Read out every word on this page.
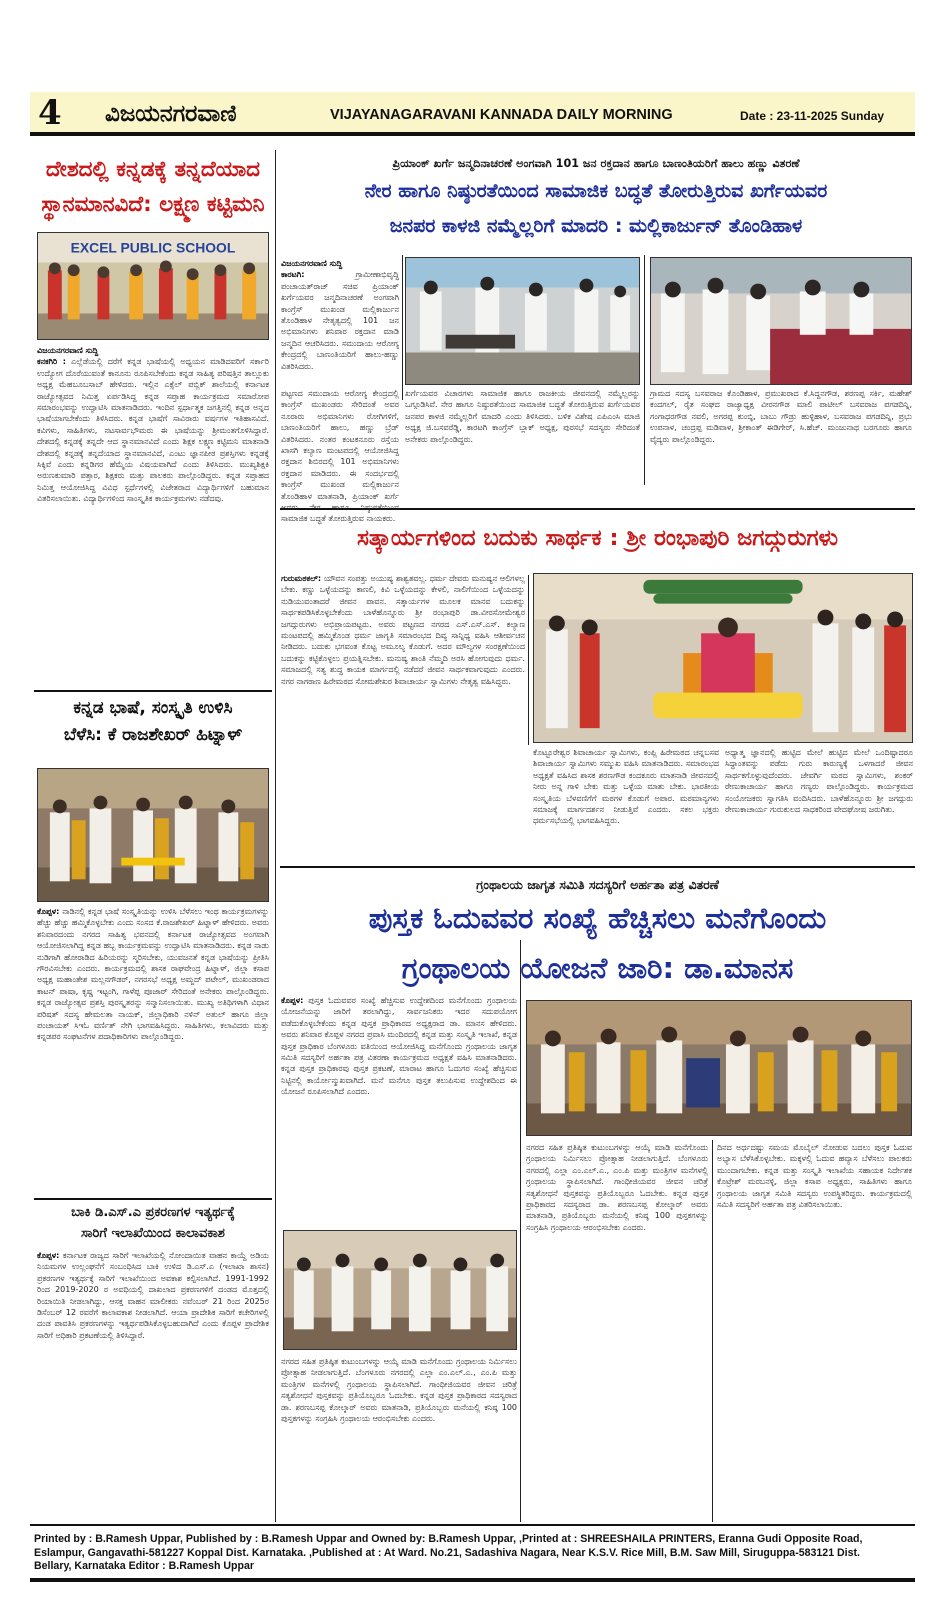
4 ವಿಜಯನಗರವಾಣಿ	VIJAYANAGARAVANI KANNADA DAILY MORNING	Date : 23-11-2025 Sunday
ದೇಶದಲ್ಲಿ ಕನ್ನಡಕ್ಕೆ ತನ್ನದೆಯಾದ
ಸ್ಥಾನಮಾನವಿದೆ: ಲಕ್ಷ್ಮಣ ಕಟ್ಟಿಮನಿ
EXCEL PUBLIC SCHOOL
ವಿಜಯನಗರವಾಣಿ ಸುದ್ದಿ
ಕನಕಗಿರಿ : ಎಲ್ಲೆಡೆಯಲ್ಲಿ ದರೆಗೆ ಕನ್ನಡ ಭಾಷೆಯಲ್ಲಿ ಅಧ್ಯಯನ ಮಾಡಿದವರಿಗೆ ಸರ್ಕಾರಿ ಉದ್ಯೋಗ ದೊರೆಯುವಂತೆ ಕಾನೂನು ರೂಪಿಸಬೇಕೆಂದು ಕನ್ನಡ ಸಾಹಿತ್ಯ ಪರಿಷತ್ತಿನ ತಾಲ್ಲೂಕು ಅಧ್ಯಕ್ಷ ಮೆಹಬೂಬಸಾಬ್ ಹೇಳಿದರು. ಇಲ್ಲಿನ ಎಕ್ಸೆಲ್ ಪಬ್ಲಿಕ್ ಶಾಲೆಯಲ್ಲಿ ಕರ್ನಾಟಕ ರಾಜ್ಯೋತ್ಸವದ ನಿಮಿತ್ತ ಏರ್ಪಡಿಸಿದ್ದ ಕನ್ನಡ ಸಪ್ತಾಹ ಕಾರ್ಯಕ್ರಮದ ಸಮಾರೋಪ ಸಮಾರಂಭವನ್ನು ಉದ್ಘಾಟಿಸಿ ಮಾತನಾಡಿದರು. ಇಂದಿನ ಸ್ಪರ್ಧಾತ್ಮಕ ಜಗತ್ತಿನಲ್ಲಿ ಕನ್ನಡ ಅನ್ನದ ಭಾಷೆಯಾಗಬೇಕೆಂದು ತಿಳಿಸಿದರು. ಕನ್ನಡ ಭಾಷೆಗೆ ಸಾವಿರಾರು ವರ್ಷಗಳ ಇತಿಹಾಸವಿದೆ. ಕವಿಗಳು, ಸಾಹಿತಿಗಳು, ನಟಸಾರ್ವಭೌಮರು ಈ ಭಾಷೆಯನ್ನು ಶ್ರೀಮಂತಗೊಳಿಸಿದ್ದಾರೆ. ದೇಶದಲ್ಲಿ ಕನ್ನಡಕ್ಕೆ ತನ್ನದೇ ಆದ ಸ್ಥಾನಮಾನವಿದೆ ಎಂದು ಶಿಕ್ಷಕ ಲಕ್ಷ್ಮಣ ಕಟ್ಟಿಮನಿ ಮಾತನಾಡಿ ದೇಶದಲ್ಲಿ ಕನ್ನಡಕ್ಕೆ ತನ್ನದೆಯಾದ ಸ್ಥಾನಮಾನವಿದೆ, ಎಂಟು ಜ್ಞಾನಪೀಠ ಪ್ರಶಸ್ತಿಗಳು ಕನ್ನಡಕ್ಕೆ ಸಿಕ್ಕಿವೆ ಎಂದು ಕನ್ನಡಿಗರ ಹೆಮ್ಮೆಯ ವಿಷಯವಾಗಿದೆ ಎಂದು ತಿಳಿಸಿದರು. ಮುಖ್ಯಶಿಕ್ಷಕಿ ಅರುಣಕುಮಾರಿ ಪತ್ತಾರ, ಶಿಕ್ಷಕರು ಮತ್ತು ಪಾಲಕರು ಪಾಲ್ಗೊಂಡಿದ್ದರು. ಕನ್ನಡ ಸಪ್ತಾಹದ ನಿಮಿತ್ತ ಆಯೋಜಿಸಿದ್ದ ವಿವಿಧ ಸ್ಪರ್ಧೆಗಳಲ್ಲಿ ವಿಜೇತರಾದ ವಿದ್ಯಾರ್ಥಿಗಳಿಗೆ ಬಹುಮಾನ ವಿತರಿಸಲಾಯಿತು. ವಿದ್ಯಾರ್ಥಿಗಳಿಂದ ಸಾಂಸ್ಕೃತಿಕ ಕಾರ್ಯಕ್ರಮಗಳು ನಡೆದವು.
ಕನ್ನಡ ಭಾಷೆ, ಸಂಸ್ಕೃತಿ ಉಳಿಸಿ
ಬೆಳೆಸಿ: ಕೆ ರಾಜಶೇಖರ್ ಹಿಟ್ನಾಳ್
ಕೊಪ್ಪಳ: ನಾಡಿನಲ್ಲಿ ಕನ್ನಡ ಭಾಷೆ ಸಂಸ್ಕೃತಿಯನ್ನು ಉಳಿಸಿ ಬೆಳೆಸಲು ಇಂಥ ಕಾರ್ಯಕ್ರಮಗಳನ್ನು ಹೆಚ್ಚು ಹೆಚ್ಚು ಹಮ್ಮಿಕೊಳ್ಳಬೇಕು ಎಂದು ಸಂಸದ ಕೆ.ರಾಜಶೇಖರ್ ಹಿಟ್ನಾಳ್ ಹೇಳಿದರು. ಅವರು ಶನಿವಾರದಂದು ನಗರದ ಸಾಹಿತ್ಯ ಭವನದಲ್ಲಿ ಕರ್ನಾಟಕ ರಾಜ್ಯೋತ್ಸವದ ಅಂಗವಾಗಿ ಆಯೋಜಿಸಲಾಗಿದ್ದ ಕನ್ನಡ ಹಬ್ಬ ಕಾರ್ಯಕ್ರಮವನ್ನು ಉದ್ಘಾಟಿಸಿ ಮಾತನಾಡಿದರು. ಕನ್ನಡ ನಾಡು ನುಡಿಗಾಗಿ ಹೋರಾಡಿದ ಹಿರಿಯರನ್ನು ಸ್ಮರಿಸಬೇಕು, ಯುವಜನತೆ ಕನ್ನಡ ಭಾಷೆಯನ್ನು ಪ್ರೀತಿಸಿ ಗೌರವಿಸಬೇಕು ಎಂದರು. ಕಾರ್ಯಕ್ರಮದಲ್ಲಿ ಶಾಸಕ ರಾಘವೇಂದ್ರ ಹಿಟ್ನಾಳ್, ಜಿಲ್ಲಾ ಕಸಾಪ ಅಧ್ಯಕ್ಷ ಮಹಾಂತೇಶ ಮಲ್ಲನಗೌಡರ್, ನಗರಸಭೆ ಅಧ್ಯಕ್ಷ ಅಮ್ಜದ್ ಪಟೇಲ್, ಮುಖಂಡರಾದ ಕಾಟನ್ ಪಾಷಾ, ಕೃಷ್ಣ ಇಟ್ಟಂಗಿ, ಗಾಳೆಪ್ಪ ಪೂಜಾರ್ ಸೇರಿದಂತೆ ಅನೇಕರು ಪಾಲ್ಗೊಂಡಿದ್ದರು. ಕನ್ನಡ ರಾಜ್ಯೋತ್ಸವ ಪ್ರಶಸ್ತಿ ಪುರಸ್ಕೃತರನ್ನು ಸನ್ಮಾನಿಸಲಾಯಿತು. ಮುಖ್ಯ ಅತಿಥಿಗಳಾಗಿ ವಿಧಾನ ಪರಿಷತ್ ಸದಸ್ಯ ಹೇಮಲತಾ ನಾಯಕ್, ಜಿಲ್ಲಾಧಿಕಾರಿ ನಳಿನ್ ಅತುಲ್ ಹಾಗೂ ಜಿಲ್ಲಾ ಪಂಚಾಯತ್ ಸಿಇಓ ವರ್ಣಿತ್ ನೇಗಿ ಭಾಗವಹಿಸಿದ್ದರು. ಸಾಹಿತಿಗಳು, ಕಲಾವಿದರು ಮತ್ತು ಕನ್ನಡಪರ ಸಂಘಟನೆಗಳ ಪದಾಧಿಕಾರಿಗಳು ಪಾಲ್ಗೊಂಡಿದ್ದರು.
ಬಾಕಿ ಡಿ.ಎಸ್.ಎ ಪ್ರಕರಣಗಳ ಇತ್ಯರ್ಥಕ್ಕೆ
ಸಾರಿಗೆ ಇಲಾಖೆಯಿಂದ ಕಾಲಾವಕಾಶ
ಕೊಪ್ಪಳ: ಕರ್ನಾಟಕ ರಾಜ್ಯದ ಸಾರಿಗೆ ಇಲಾಖೆಯಲ್ಲಿ ನೋಂದಾಯಿತ ವಾಹನ ಕಾಯ್ದೆ ಅಡಿಯ ನಿಯಮಗಳ ಉಲ್ಲಂಘನೆಗೆ ಸಂಬಂಧಿಸಿದ ಬಾಕಿ ಉಳಿದ ಡಿ.ಎಸ್.ಎ (ಇಲಾಖಾ ಶಾಸನ) ಪ್ರಕರಣಗಳ ಇತ್ಯರ್ಥಕ್ಕೆ ಸಾರಿಗೆ ಇಲಾಖೆಯಿಂದ ಅವಕಾಶ ಕಲ್ಪಿಸಲಾಗಿದೆ. 1991-1992 ರಿಂದ 2019-2020 ರ ಅವಧಿಯಲ್ಲಿ ದಾಖಲಾದ ಪ್ರಕರಣಗಳಿಗೆ ದಂಡದ ಮೊತ್ತದಲ್ಲಿ ರಿಯಾಯಿತಿ ನೀಡಲಾಗಿದ್ದು, ಆಸಕ್ತ ವಾಹನ ಮಾಲೀಕರು ನವೆಂಬರ್ 21 ರಿಂದ 2025ರ ಡಿಸೆಂಬರ್ 12 ರವರೆಗೆ ಕಾಲಾವಕಾಶ ನೀಡಲಾಗಿದೆ. ಆಯಾ ಪ್ರಾದೇಶಿಕ ಸಾರಿಗೆ ಕಚೇರಿಗಳಲ್ಲಿ ದಂಡ ಪಾವತಿಸಿ ಪ್ರಕರಣಗಳನ್ನು ಇತ್ಯರ್ಥಪಡಿಸಿಕೊಳ್ಳಬಹುದಾಗಿದೆ ಎಂದು ಕೊಪ್ಪಳ ಪ್ರಾದೇಶಿಕ ಸಾರಿಗೆ ಅಧಿಕಾರಿ ಪ್ರಕಟಣೆಯಲ್ಲಿ ತಿಳಿಸಿದ್ದಾರೆ.
ಪ್ರಿಯಾಂಕ್ ಖರ್ಗೆ ಜನ್ಮದಿನಾಚರಣೆ ಅಂಗವಾಗಿ 101 ಜನ ರಕ್ತದಾನ ಹಾಗೂ ಬಾಣಂತಿಯರಿಗೆ ಹಾಲು ಹಣ್ಣು ವಿತರಣೆ
ನೇರ ಹಾಗೂ ನಿಷ್ಠುರತೆಯಿಂದ ಸಾಮಾಜಿಕ ಬದ್ಧತೆ ತೋರುತ್ತಿರುವ ಖರ್ಗೆಯವರ
ಜನಪರ ಕಾಳಜಿ ನಮ್ಮೆಲ್ಲರಿಗೆ ಮಾದರಿ : ಮಲ್ಲಿಕಾರ್ಜುನ್ ತೊಂಡಿಹಾಳ
ವಿಜಯನಗರವಾಣಿ ಸುದ್ದಿ
ಕಾರಟಗಿ:	ಗ್ರಾಮೀಣಾಭಿವೃದ್ಧಿ ಪಂಚಾಯತ್‌ರಾಜ್ ಸಚಿವ ಪ್ರಿಯಾಂಕ್ ಖರ್ಗೆಯವರ ಜನ್ಮದಿನಾಚರಣೆ ಅಂಗವಾಗಿ ಕಾಂಗ್ರೆಸ್ ಮುಖಂಡ ಮಲ್ಲಿಕಾರ್ಜುನ ತೊಂಡಿಹಾಳ ನೇತೃತ್ವದಲ್ಲಿ 101 ಜನ ಅಭಿಮಾನಿಗಳು ಶನಿವಾರ ರಕ್ತದಾನ ಮಾಡಿ ಜನ್ಮದಿನ ಆಚರಿಸಿದರು. ಸಮುದಾಯ ಆರೋಗ್ಯ ಕೇಂದ್ರದಲ್ಲಿ ಬಾಣಂತಿಯರಿಗೆ ಹಾಲು-ಹಣ್ಣು ವಿತರಿಸಿದರು.
ಪಟ್ಟಣದ ಸಮುದಾಯ ಆರೋಗ್ಯ ಕೇಂದ್ರದಲ್ಲಿ ಕಾಂಗ್ರೆಸ್ ಮುಖಂಡರು ಸೇರಿದಂತೆ ಅವರ ನೂರಾರು ಅಭಿಮಾನಿಗಳು ರೋಗಿಗಳಿಗೆ, ಬಾಣಂತಿಯರಿಗೆ ಹಾಲು, ಹಣ್ಣು ಬ್ರೆಡ್ ವಿತರಿಸಿದರು. ನಂತರ ಕಂಟಕನೂರು ರಸ್ತೆಯ ಖಾಸಗಿ ಕಲ್ಯಾಣ ಮಂಟಪದಲ್ಲಿ ಆಯೋಜಿಸಿದ್ದ ರಕ್ತದಾನ ಶಿಬಿರದಲ್ಲಿ 101 ಅಭಿಮಾನಿಗಳು ರಕ್ತದಾನ ಮಾಡಿದರು. ಈ ಸಂದರ್ಭದಲ್ಲಿ ಕಾಂಗ್ರೆಸ್ ಮುಖಂಡ ಮಲ್ಲಿಕಾರ್ಜುನ ತೊಂಡಿಹಾಳ ಮಾತನಾಡಿ, ಪ್ರಿಯಾಂಕ್ ಖರ್ಗೆ ಅವರು ನೇರ ಹಾಗೂ ನಿಷ್ಠುರತೆಯಿಂದ ಸಾಮಾಜಿಕ ಬದ್ಧತೆ ತೋರುತ್ತಿರುವ ನಾಯಕರು.
ಖರ್ಗೆಯವರ ವಿಚಾರಗಳು ಸಾಮಾಜಿಕ ಹಾಗೂ ರಾಜಕೀಯ ಜೀವನದಲ್ಲಿ ನಮ್ಮೆಲ್ಲರನ್ನು ಒಗ್ಗೂಡಿಸಿವೆ. ನೇರ ಹಾಗೂ ನಿಷ್ಠುರತೆಯಿಂದ ಸಾಮಾಜಿಕ ಬದ್ಧತೆ ತೋರುತ್ತಿರುವ ಖರ್ಗೆಯವರ ಜನಪರ ಕಾಳಜಿ ನಮ್ಮೆಲ್ಲರಿಗೆ ಮಾದರಿ ಎಂದು ತಿಳಿಸಿದರು. ಬಳಿಕ ವಿಶೇಷ ಎಪಿಎಂಸಿ ಮಾಜಿ ಅಧ್ಯಕ್ಷ ಜಿ.ಬಸವರೆಡ್ಡಿ, ಕಾರಟಗಿ ಕಾಂಗ್ರೆಸ್ ಬ್ಲಾಕ್ ಅಧ್ಯಕ್ಷ, ಪುರಸಭೆ ಸದಸ್ಯರು ಸೇರಿದಂತೆ ಅನೇಕರು ಪಾಲ್ಗೊಂಡಿದ್ದರು.
ಗ್ರಾಮದ ಸದಸ್ಯ ಬಸವರಾಜ ಕೊಂಡಿಹಾಳ, ಪ್ರಮುಖರಾದ ಕೆ.ಸಿದ್ದನಗೌಡ, ಶರಣಪ್ಪ ಸರ್ಕಿ, ಮಹೇಶ್ ಕಂದಗಲ್, ರೈತ ಸಂಘದ ರಾಜ್ಯಾಧ್ಯಕ್ಷ ವೀರನಗೌಡ ಮಾಲಿ ಪಾಟೀಲ್ ಬಸವರಾಜ ಪಗಡದಿನ್ನಿ, ಗಂಗಾಧರಗೌಡ ನವಲಿ, ಅಗರಪ್ಪ ಕುಂಬ್ಳಿ, ಬಾಬು ಗೌಡ್ರು ಹುಳ್ಳಿಹಾಳ, ಬಸವರಾಜ ಪಗಡದಿನ್ನಿ, ಪ್ರಭು ಉಪನಾಳ, ಚಂದ್ರಪ್ಪ ಮಡಿವಾಳ, ಶ್ರೀಕಾಂತ್ ಈಡಿಗೇರ್, ಸಿ.ಹೆಚ್. ಮಂಜುನಾಥ ಬರಗೂರು ಹಾಗೂ ವೈದ್ಯರು ಪಾಲ್ಗೊಂಡಿದ್ದರು.
ಸತ್ಕಾರ್ಯಗಳಿಂದ ಬದುಕು ಸಾರ್ಥಕ : ಶ್ರೀ ರಂಭಾಪುರಿ ಜಗದ್ಗುರುಗಳು
ಗುರುಮಠಕಲ್: ಯೌವನ ಸಂಪತ್ತು ಅಯುಷ್ಯ ಶಾಶ್ವತವಲ್ಲ. ಧರ್ಮ ದೇವರು ಮನುಷ್ಯನ ಆಲಿಗಳಲ್ಲ ಬೇಕು. ಕಣ್ಣು ಒಳ್ಳೆಯದನ್ನು ಕಾಣಲಿ, ಕಿವಿ ಒಳ್ಳೆಯದನ್ನು ಕೇಳಲಿ, ನಾಲಿಗೆಯಿಂದ ಒಳ್ಳೆಯದನ್ನು ನುಡಿಯುವಂತಾದರೆ ಜೀವನ ಪಾವನ. ಸತ್ಕಾರ್ಯಗಳ ಮೂಲಕ ಮಾನವ ಬದುಕನ್ನು ಸಾರ್ಥಕಪಡಿಸಿಕೊಳ್ಳಬೇಕೆಂದು ಬಾಳೆಹೊನ್ನೂರು ಶ್ರೀ ರಂಭಾಪುರಿ ಡಾ.ವೀರಸೋಮೇಶ್ವರ ಜಗದ್ಗುರುಗಳು ಅಭಿಪ್ರಾಯಪಟ್ಟರು. ಅವರು ಪಟ್ಟಣದ ನಗರದ ಎಸ್.ಎಸ್.ಎಸ್. ಕಲ್ಯಾಣ ಮಂಟಪದಲ್ಲಿ ಹಮ್ಮಿಕೊಂಡ ಧರ್ಮ ಜಾಗೃತಿ ಸಮಾರಂಭದ ದಿವ್ಯ ಸಾನ್ನಿಧ್ಯ ವಹಿಸಿ ಆಶೀರ್ವಚನ ನೀಡಿದರು. ಬದುಕು ಭಗವಂತ ಕೊಟ್ಟ ಅಮೂಲ್ಯ ಕೊಡುಗೆ. ಅದರ ಮೌಲ್ಯಗಳ ಸಂರಕ್ಷಣೆಯಿಂದ ಬದುಕನ್ನು ಕಟ್ಟಿಕೊಳ್ಳಲು ಪ್ರಯತ್ನಿಸಬೇಕು. ಮನುಷ್ಯ ಶಾಂತಿ ನೆಮ್ಮದಿ ಅರಸಿ ಹೋಗುವುದು ಧರ್ಮ. ಸಮಾಜದಲ್ಲಿ ಸತ್ಯ ಶುದ್ಧ ಕಾಯಕ ಮಾರ್ಗದಲ್ಲಿ ನಡೆದರೆ ಜೀವನ ಸಾರ್ಥಕವಾಗುವುದು ಎಂದರು. ನಗರ ನಾಗಠಾಣ ಹಿರೇಮಠದ ಸೋಮಶೇಖರ ಶಿವಾಚಾರ್ಯ ಸ್ವಾಮಿಗಳು ನೇತೃತ್ವ ವಹಿಸಿದ್ದರು.
ಕೊಟ್ಟೂರೇಶ್ವರ ಶಿವಾಚಾರ್ಯ ಸ್ವಾಮಿಗಳು, ಕಂಪ್ಲಿ ಹಿರೇಮಠದ ಚನ್ನಬಸವ ಶಿವಾಚಾರ್ಯ ಸ್ವಾಮಿಗಳು ಸಮ್ಮುಖ ವಹಿಸಿ ಮಾತನಾಡಿದರು. ಸಮಾರಂಭದ ಅಧ್ಯಕ್ಷತೆ ವಹಿಸಿದ ಶಾಸಕ ಶರಣಗೌಡ ಕಂದಕೂರು ಮಾತನಾಡಿ ಜೀವನದಲ್ಲಿ ನೀರು ಅನ್ನ ಗಾಳಿ ಬೇಕು ಮತ್ತು ಒಳ್ಳೆಯ ಮಾತು ಬೇಕು. ಭಾರತೀಯ ಸಂಸ್ಕೃತಿಯ ಬೆಳವಣಿಗೆಗೆ ಮಠಗಳ ಕೊಡುಗೆ ಅಪಾರ. ಮಠಮಾನ್ಯಗಳು ಸಮಾಜಕ್ಕೆ ಮಾರ್ಗದರ್ಶನ ನೀಡುತ್ತಿವೆ ಎಂದರು. ಸಕಲ ಭಕ್ತರು ಧರ್ಮಸಭೆಯಲ್ಲಿ ಭಾಗವಹಿಸಿದ್ದರು.
ಅಧ್ಯಾತ್ಮ ಜ್ಞಾನದಲ್ಲಿ ಹುಟ್ಟಿದ ಮೇಲೆ ಹುಟ್ಟಿದ ಮೇಲೆ ಒಂದಿಷ್ಟಾದರೂ ಸಿದ್ಧಾಂತವನ್ನು ಪಡೆದು ಗುರು ಕಾರುಣ್ಯಕ್ಕೆ ಒಳಗಾದರೆ ಜೀವನ ಸಾರ್ಥಕಗೊಳ್ಳುವುದೆಂದರು. ಜೇವರ್ಗಿ ಮಠದ ಸ್ವಾಮಿಗಳು, ಶಂಕರ್ ರೇಣುಕಾಚಾರ್ಯ ಹಾಗೂ ಗಣ್ಯರು ಪಾಲ್ಗೊಂಡಿದ್ದರು. ಕಾರ್ಯಕ್ರಮದ ಸಂಯೋಜಕರು ಸ್ವಾಗತಿಸಿ ವಂದಿಸಿದರು. ಬಾಳೆಹೊನ್ನೂರು ಶ್ರೀ ಜಗದ್ಗುರು ರೇಣುಕಾಚಾರ್ಯ ಗುರುಕುಲದ ಸಾಧಕರಿಂದ ವೇದಘೋಷ ಜರುಗಿತು.
ಗ್ರಂಥಾಲಯ ಜಾಗೃತ ಸಮಿತಿ ಸದಸ್ಯರಿಗೆ ಅರ್ಹತಾ ಪತ್ರ ವಿತರಣೆ
ಪುಸ್ತಕ ಓದುವವರ ಸಂಖ್ಯೆ ಹೆಚ್ಚಿಸಲು ಮನೆಗೊಂದು
ಗ್ರಂಥಾಲಯ ಯೋಜನೆ ಜಾರಿ: ಡಾ.ಮಾನಸ
ಕೊಪ್ಪಳ: ಪುಸ್ತಕ ಓದುವವರ ಸಂಖ್ಯೆ ಹೆಚ್ಚಿಸುವ ಉದ್ದೇಶದಿಂದ ಮನೆಗೊಂದು ಗ್ರಂಥಾಲಯ ಯೋಜನೆಯನ್ನು ಜಾರಿಗೆ ತರಲಾಗಿದ್ದು, ಸಾರ್ವಜನಿಕರು ಇದರ ಸದುಪಯೋಗ ಪಡೆದುಕೊಳ್ಳಬೇಕೆಂದು ಕನ್ನಡ ಪುಸ್ತಕ ಪ್ರಾಧಿಕಾರದ ಅಧ್ಯಕ್ಷರಾದ ಡಾ. ಮಾನಸ ಹೇಳಿದರು. ಅವರು ಶನಿವಾರ ಕೊಪ್ಪಳ ನಗರದ ಪ್ರವಾಸಿ ಮಂದಿರದಲ್ಲಿ ಕನ್ನಡ ಮತ್ತು ಸಂಸ್ಕೃತಿ ಇಲಾಖೆ, ಕನ್ನಡ ಪುಸ್ತಕ ಪ್ರಾಧಿಕಾರ ಬೆಂಗಳೂರು ವತಿಯಿಂದ ಆಯೋಜಿಸಿದ್ದ ಮನೆಗೊಂದು ಗ್ರಂಥಾಲಯ ಜಾಗೃತ ಸಮಿತಿ ಸದಸ್ಯರಿಗೆ ಅರ್ಹತಾ ಪತ್ರ ವಿತರಣಾ ಕಾರ್ಯಕ್ರಮದ ಅಧ್ಯಕ್ಷತೆ ವಹಿಸಿ ಮಾತನಾಡಿದರು. ಕನ್ನಡ ಪುಸ್ತಕ ಪ್ರಾಧಿಕಾರವು ಪುಸ್ತಕ ಪ್ರಕಟಣೆ, ಮಾರಾಟ ಹಾಗೂ ಓದುಗರ ಸಂಖ್ಯೆ ಹೆಚ್ಚಿಸುವ ನಿಟ್ಟಿನಲ್ಲಿ ಕಾರ್ಯೋನ್ಮುಖವಾಗಿದೆ. ಮನೆ ಮನೆಗೂ ಪುಸ್ತಕ ತಲುಪಿಸುವ ಉದ್ದೇಶದಿಂದ ಈ ಯೋಜನೆ ರೂಪಿಸಲಾಗಿದೆ ಎಂದರು.
ನಗರದ ಸಹಿತ ಪ್ರತಿಷ್ಠಿತ ಕುಟುಂಬಗಳನ್ನು ಆಯ್ಕೆ ಮಾಡಿ ಮನೆಗೊಂದು ಗ್ರಂಥಾಲಯ ನಿರ್ಮಿಸಲು ಪ್ರೋತ್ಸಾಹ ನೀಡಲಾಗುತ್ತಿದೆ. ಬೆಂಗಳೂರು ನಗರದಲ್ಲಿ ಎಲ್ಲಾ ಎಂ.ಎಲ್.ಎ., ಎಂ.ಪಿ ಮತ್ತು ಮಂತ್ರಿಗಳ ಮನೆಗಳಲ್ಲಿ ಗ್ರಂಥಾಲಯ ಸ್ಥಾಪಿಸಲಾಗಿದೆ. ಗಾಂಧೀಜಿಯವರ ಜೀವನ ಚರಿತ್ರೆ ಸತ್ಯಶೋಧನೆ ಪುಸ್ತಕವನ್ನು ಪ್ರತಿಯೊಬ್ಬರೂ ಓದಬೇಕು. ಕನ್ನಡ ಪುಸ್ತಕ ಪ್ರಾಧಿಕಾರದ ಸದಸ್ಯರಾದ ಡಾ. ಶರಣಬಸಪ್ಪ ಕೋಲ್ಕಾರ್ ಅವರು ಮಾತನಾಡಿ, ಪ್ರತಿಯೊಬ್ಬರು ಮನೆಯಲ್ಲಿ ಕನಿಷ್ಠ 100 ಪುಸ್ತಕಗಳನ್ನು ಸಂಗ್ರಹಿಸಿ ಗ್ರಂಥಾಲಯ ಆರಂಭಿಸಬೇಕು ಎಂದರು.
ನಗರದ ಸಹಿತ ಪ್ರತಿಷ್ಠಿತ ಕುಟುಂಬಗಳನ್ನು ಆಯ್ಕೆ ಮಾಡಿ ಮನೆಗೊಂದು ಗ್ರಂಥಾಲಯ ನಿರ್ಮಿಸಲು ಪ್ರೋತ್ಸಾಹ ನೀಡಲಾಗುತ್ತಿದೆ. ಬೆಂಗಳೂರು ನಗರದಲ್ಲಿ ಎಲ್ಲಾ ಎಂ.ಎಲ್.ಎ., ಎಂ.ಪಿ ಮತ್ತು ಮಂತ್ರಿಗಳ ಮನೆಗಳಲ್ಲಿ ಗ್ರಂಥಾಲಯ ಸ್ಥಾಪಿಸಲಾಗಿದೆ. ಗಾಂಧೀಜಿಯವರ ಜೀವನ ಚರಿತ್ರೆ ಸತ್ಯಶೋಧನೆ ಪುಸ್ತಕವನ್ನು ಪ್ರತಿಯೊಬ್ಬರೂ ಓದಬೇಕು. ಕನ್ನಡ ಪುಸ್ತಕ ಪ್ರಾಧಿಕಾರದ ಸದಸ್ಯರಾದ ಡಾ. ಶರಣಬಸಪ್ಪ ಕೋಲ್ಕಾರ್ ಅವರು ಮಾತನಾಡಿ, ಪ್ರತಿಯೊಬ್ಬರು ಮನೆಯಲ್ಲಿ ಕನಿಷ್ಠ 100 ಪುಸ್ತಕಗಳನ್ನು ಸಂಗ್ರಹಿಸಿ ಗ್ರಂಥಾಲಯ ಆರಂಭಿಸಬೇಕು ಎಂದರು.
ದಿನದ ಅರ್ಧದಷ್ಟು ಸಮಯ ಮೊಬೈಲ್ ನೋಡುವ ಬದಲು ಪುಸ್ತಕ ಓದುವ ಅಭ್ಯಾಸ ಬೆಳೆಸಿಕೊಳ್ಳಬೇಕು. ಮಕ್ಕಳಲ್ಲಿ ಓದುವ ಹವ್ಯಾಸ ಬೆಳೆಸಲು ಪಾಲಕರು ಮುಂದಾಗಬೇಕು. ಕನ್ನಡ ಮತ್ತು ಸಂಸ್ಕೃತಿ ಇಲಾಖೆಯ ಸಹಾಯಕ ನಿರ್ದೇಶಕ ಕೊಟ್ರೇಶ್ ಮರಬನಳ್ಳಿ, ಜಿಲ್ಲಾ ಕಸಾಪ ಅಧ್ಯಕ್ಷರು, ಸಾಹಿತಿಗಳು ಹಾಗೂ ಗ್ರಂಥಾಲಯ ಜಾಗೃತ ಸಮಿತಿ ಸದಸ್ಯರು ಉಪಸ್ಥಿತರಿದ್ದರು. ಕಾರ್ಯಕ್ರಮದಲ್ಲಿ ಸಮಿತಿ ಸದಸ್ಯರಿಗೆ ಅರ್ಹತಾ ಪತ್ರ ವಿತರಿಸಲಾಯಿತು.
Printed by : B.Ramesh Uppar, Published by : B.Ramesh Uppar and Owned by: B.Ramesh Uppar, ,Printed at : SHREESHAILA PRINTERS, Eranna Gudi Opposite Road,
Eslampur, Gangavathi-581227 Koppal Dist. Karnataka. ,Published at : At Ward. No.21, Sadashiva Nagara, Near K.S.V. Rice Mill, B.M. Saw Mill, Siruguppa-583121 Dist.
Bellary, Karnataka Editor : B.Ramesh Uppar
